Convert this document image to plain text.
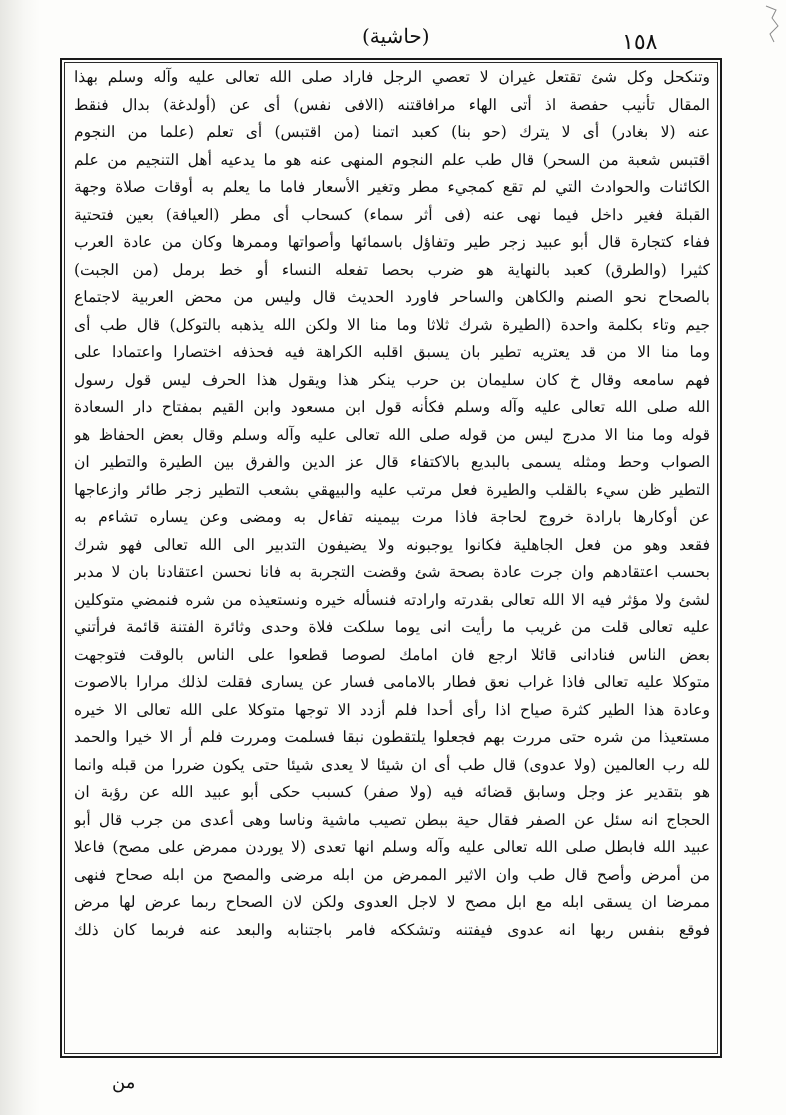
(حاشية)	١٥٨
وتنكحل وكل شئ تقتعل غيران لا تعصي الرجل فاراد صلى الله تعالى عليه وآله وسلم بهذا
المقال تأنيب حفصة اذ أتى الهاء مرافاقتنه (الافى نفس) أى عن (أولدغة) بدال فنقط
عنه (لا بغادر) أى لا يترك (حو بنا) كعبد اتمنا (من اقتبس) أى تعلم (علما من النجوم
اقتبس شعبة من السحر) قال طب علم النجوم المنهى عنه هو ما يدعيه أهل التنجيم من علم
الكائنات والحوادث التي لم تقع كمجيء مطر وتغير الأسعار فاما ما يعلم به أوقات صلاة وجهة
القبلة فغير داخل فيما نهى عنه (فى أثر سماء) كسحاب أى مطر (العيافة) بعين فتحتية
ففاء كتجارة قال أبو عبيد زجر طير وتفاؤل باسمائها وأصواتها وممرها وكان من عادة العرب
كثيرا (والطرق) كعبد بالنهاية هو ضرب بحصا تفعله النساء أو خط برمل (من الجبت)
بالصحاح نحو الصنم والكاهن والساحر فاورد الحديث قال وليس من محض العربية لاجتماع
جيم وتاء بكلمة واحدة (الطيرة شرك ثلاثا وما منا الا ولكن الله يذهبه بالتوكل) قال طب أى
وما منا الا من قد يعتريه تطير بان يسبق اقلبه الكراهة فيه فحذفه اختصارا واعتمادا على
فهم سامعه وقال خ كان سليمان بن حرب ينكر هذا ويقول هذا الحرف ليس قول رسول
الله صلى الله تعالى عليه وآله وسلم فكأنه قول ابن مسعود وابن القيم بمفتاح دار السعادة
قوله وما منا الا مدرج ليس من قوله صلى الله تعالى عليه وآله وسلم وقال بعض الحفاظ هو
الصواب وحط ومثله يسمى بالبديع بالاكتفاء قال عز الدين والفرق بين الطيرة والتطير ان
التطير ظن سيء بالقلب والطيرة فعل مرتب عليه والبيهقي بشعب التطير زجر طائر وازعاجها
عن أوكارها بارادة خروج لحاجة فاذا مرت بيمينه تفاءل به ومضى وعن يساره تشاءم به
فقعد وهو من فعل الجاهلية فكانوا يوجبونه ولا يضيفون التدبير الى الله تعالى فهو شرك
بحسب اعتقادهم وان جرت عادة بصحة شئ وقضت التجربة به فانا نحسن اعتقادنا بان لا مدبر
لشئ ولا مؤثر فيه الا الله تعالى بقدرته وارادته فنسأله خيره ونستعيذه من شره فنمضي متوكلين
عليه تعالى قلت من غريب ما رأيت انى يوما سلكت فلاة وحدى وثائرة الفتنة قائمة فرأتني
بعض الناس فنادانى قائلا ارجع فان امامك لصوصا قطعوا على الناس بالوقت فتوجهت
متوكلا عليه تعالى فاذا غراب نعق فطار بالامامى فسار عن يسارى فقلت لذلك مرارا بالاصوت
وعادة هذا الطير كثرة صياح اذا رأى أحدا فلم أزدد الا توجها متوكلا على الله تعالى الا خيره
مستعيذا من شره حتى مررت بهم فجعلوا يلتقطون نبقا فسلمت ومررت فلم أر الا خيرا والحمد
لله رب العالمين (ولا عدوى) قال طب أى ان شيئا لا يعدى شيئا حتى يكون ضررا من قبله وانما
هو بتقدير عز وجل وسابق قضائه فيه (ولا صفر) كسبب حكى أبو عبيد الله عن رؤبة ان
الحجاج انه سئل عن الصفر فقال حية ببطن تصيب ماشية وناسا وهى أعدى من جرب قال أبو
عبيد الله فابطل صلى الله تعالى عليه وآله وسلم انها تعدى (لا يوردن ممرض على مصح) فاعلا
من أمرض وأصح قال طب وان الاثير الممرض من ابله مرضى والمصح من ابله صحاح فنهى
ممرضا ان يسقى ابله مع ابل مصح لا لاجل العدوى ولكن لان الصحاح ربما عرض لها مرض
فوقع بنفس ربها انه عدوى فيفتنه وتشككه فامر باجتنابه والبعد عنه فربما كان ذلك
من
